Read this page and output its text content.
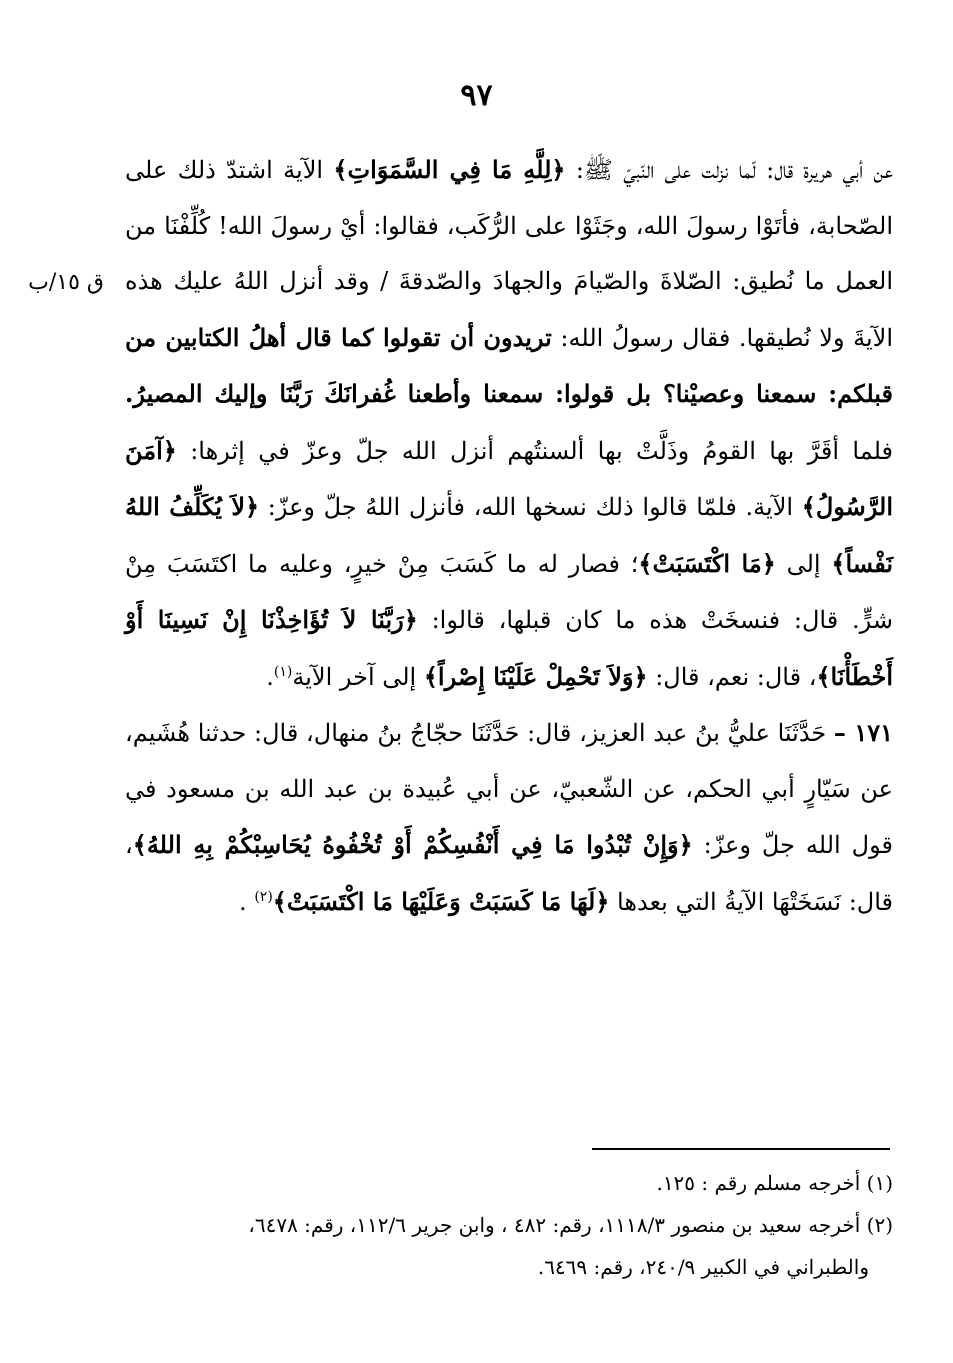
٩٧
ق ١٥/ب

عن أبي هريرة قال: لّما نزلت على النّبيّ ﷺ: ﴿لِلَّهِ مَا فِي السَّمَوَاتِ﴾ الآية اشتدّ ذلك على الصّحابة، فأتَوْا رسولَ الله، وجَثَوْا على الرُّكَب، فقالوا: أيْ رسولَ الله! كُلِّفْنَا من العمل ما نُطيق: الصّلاةَ والصّيامَ والجهادَ والصّدقةَ / وقد أنزل اللهُ عليك هذه الآيةَ ولا نُطيقها. فقال رسولُ الله: تريدون أن تقولوا كما قال أهلُ الكتابين من قبلكم: سمعنا وعصيْنا؟ بل قولوا: سمعنا وأطعنا غُفرانَكَ رَبَّنَا وإليك المصيرُ. فلما أقَرَّ بها القومُ وذَلَّتْ بها ألسنتُهم أنزل الله جلّ وعزّ في إثرها: ﴿آمَنَ الرَّسُولُ﴾ الآية. فلمّا قالوا ذلك نسخها الله، فأنزل اللهُ جلّ وعزّ: ﴿لاَ يُكَلِّفُ اللهُ نَفْساً﴾ إلى ﴿مَا اكْتَسَبَتْ﴾؛ فصار له ما كَسَبَ مِنْ خيرٍ، وعليه ما اكتَسَبَ مِنْ شرٍّ. قال: فنسخَتْ هذه ما كان قبلها، قالوا: ﴿رَبَّنَا لاَ تُؤَاخِذْنَا إِنْ نَسِينَا أَوْ أَخْطَأْنَا﴾، قال: نعم، قال: ﴿وَلاَ تَحْمِلْ عَلَيْنَا إِصْراً﴾ إلى آخر الآية$^{(١)}$.

١٧١ – حَدَّثَنَا عليُّ بنُ عبد العزيز، قال: حَدَّثَنَا حجّاجُ بنُ منهال، قال: حدثنا هُشَيم، عن سَيّارٍ أبي الحكم، عن الشّعبيّ، عن أبي عُبيدة بن عبد الله بن مسعود في قول الله جلّ وعزّ: ﴿وَإِنْ تُبْدُوا مَا فِي أَنْفُسِكُمْ أَوْ تُخْفُوهُ يُحَاسِبْكُمْ بِهِ اللهُ﴾، قال: نَسَخَتْهَا الآيةُ التي بعدها ﴿لَهَا مَا كَسَبَتْ وَعَلَيْهَا مَا اكْتَسَبَتْ﴾$^{(٢)}$ .

(١) أخرجه مسلم رقم : ١٢٥.

(٢) أخرجه سعيد بن منصور ١١١٨/٣، رقم: ٤٨٢ ، وابن جرير ١١٢/٦، رقم: ٦٤٧٨،

والطبراني في الكبير ٢٤٠/٩، رقم: ٦٤٦٩.
